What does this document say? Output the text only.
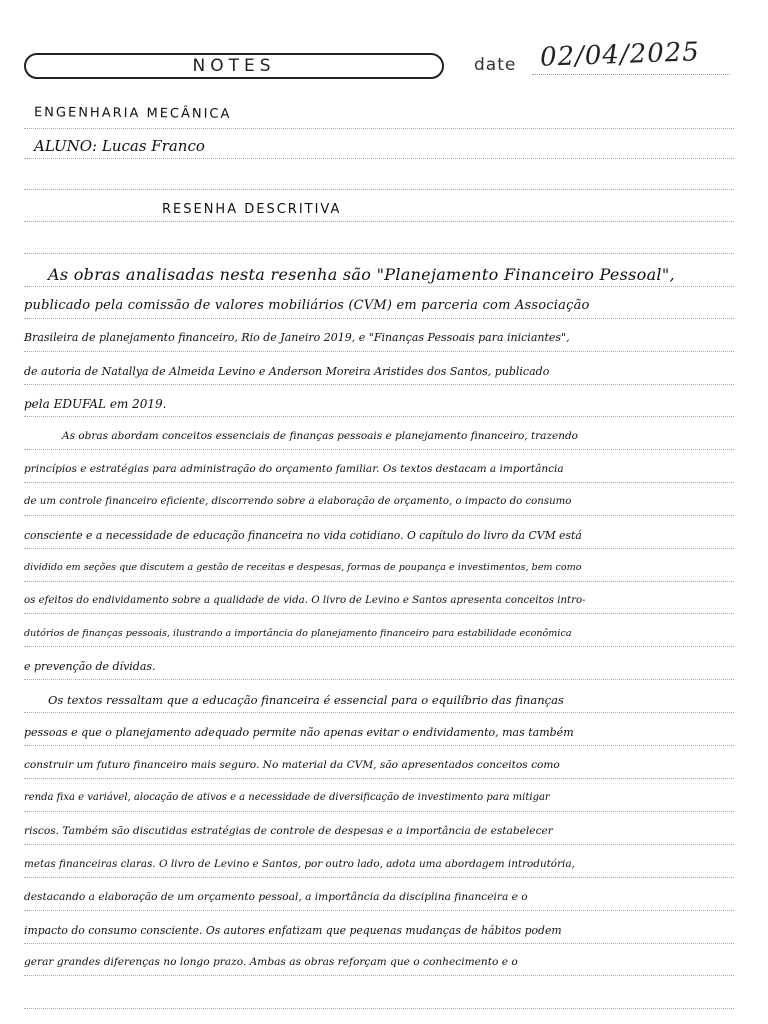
NOTES	date 02/04/2025
ENGENHARIA MECÂNICA
ALUNO: Lucas Franco
RESENHA DESCRITIVA
As obras analisadas nesta resenha são "Planejamento Financeiro Pessoal",
publicado pela comissão de valores mobiliários (CVM) em parceria com Associação
Brasileira de planejamento financeiro, Rio de Janeiro 2019, e "Finanças Pessoais para iniciantes",
de autoria de Natallya de Almeida Levino e Anderson Moreira Aristides dos Santos, publicado
pela EDUFAL em 2019.
As obras abordam conceitos essenciais de finanças pessoais e planejamento financeiro, trazendo
princípios e estratégias para administração do orçamento familiar. Os textos destacam a importância
de um controle financeiro eficiente, discorrendo sobre a elaboração de orçamento, o impacto do consumo
consciente e a necessidade de educação financeira no vida cotidiano. O capítulo do livro da CVM está
dividido em seções que discutem a gestão de receitas e despesas, formas de poupança e investimentos, bem como
os efeitos do endividamento sobre a qualidade de vida. O livro de Levino e Santos apresenta conceitos intro-
dutórios de finanças pessoais, ilustrando a importância do planejamento financeiro para estabilidade econômica
e prevenção de dívidas.
Os textos ressaltam que a educação financeira é essencial para o equilíbrio das finanças
pessoas e que o planejamento adequado permite não apenas evitar o endividamento, mas também
construir um futuro financeiro mais seguro. No material da CVM, são apresentados conceitos como
renda fixa e variável, alocação de ativos e a necessidade de diversificação de investimento para mitigar
riscos. Também são discutidas estratégias de controle de despesas e a importância de estabelecer
metas financeiras claras. O livro de Levino e Santos, por outro lado, adota uma abordagem introdutória,
destacando a elaboração de um orçamento pessoal, a importância da disciplina financeira e o
impacto do consumo consciente. Os autores enfatizam que pequenas mudanças de hábitos podem
gerar grandes diferenças no longo prazo. Ambas as obras reforçam que o conhecimento e o
